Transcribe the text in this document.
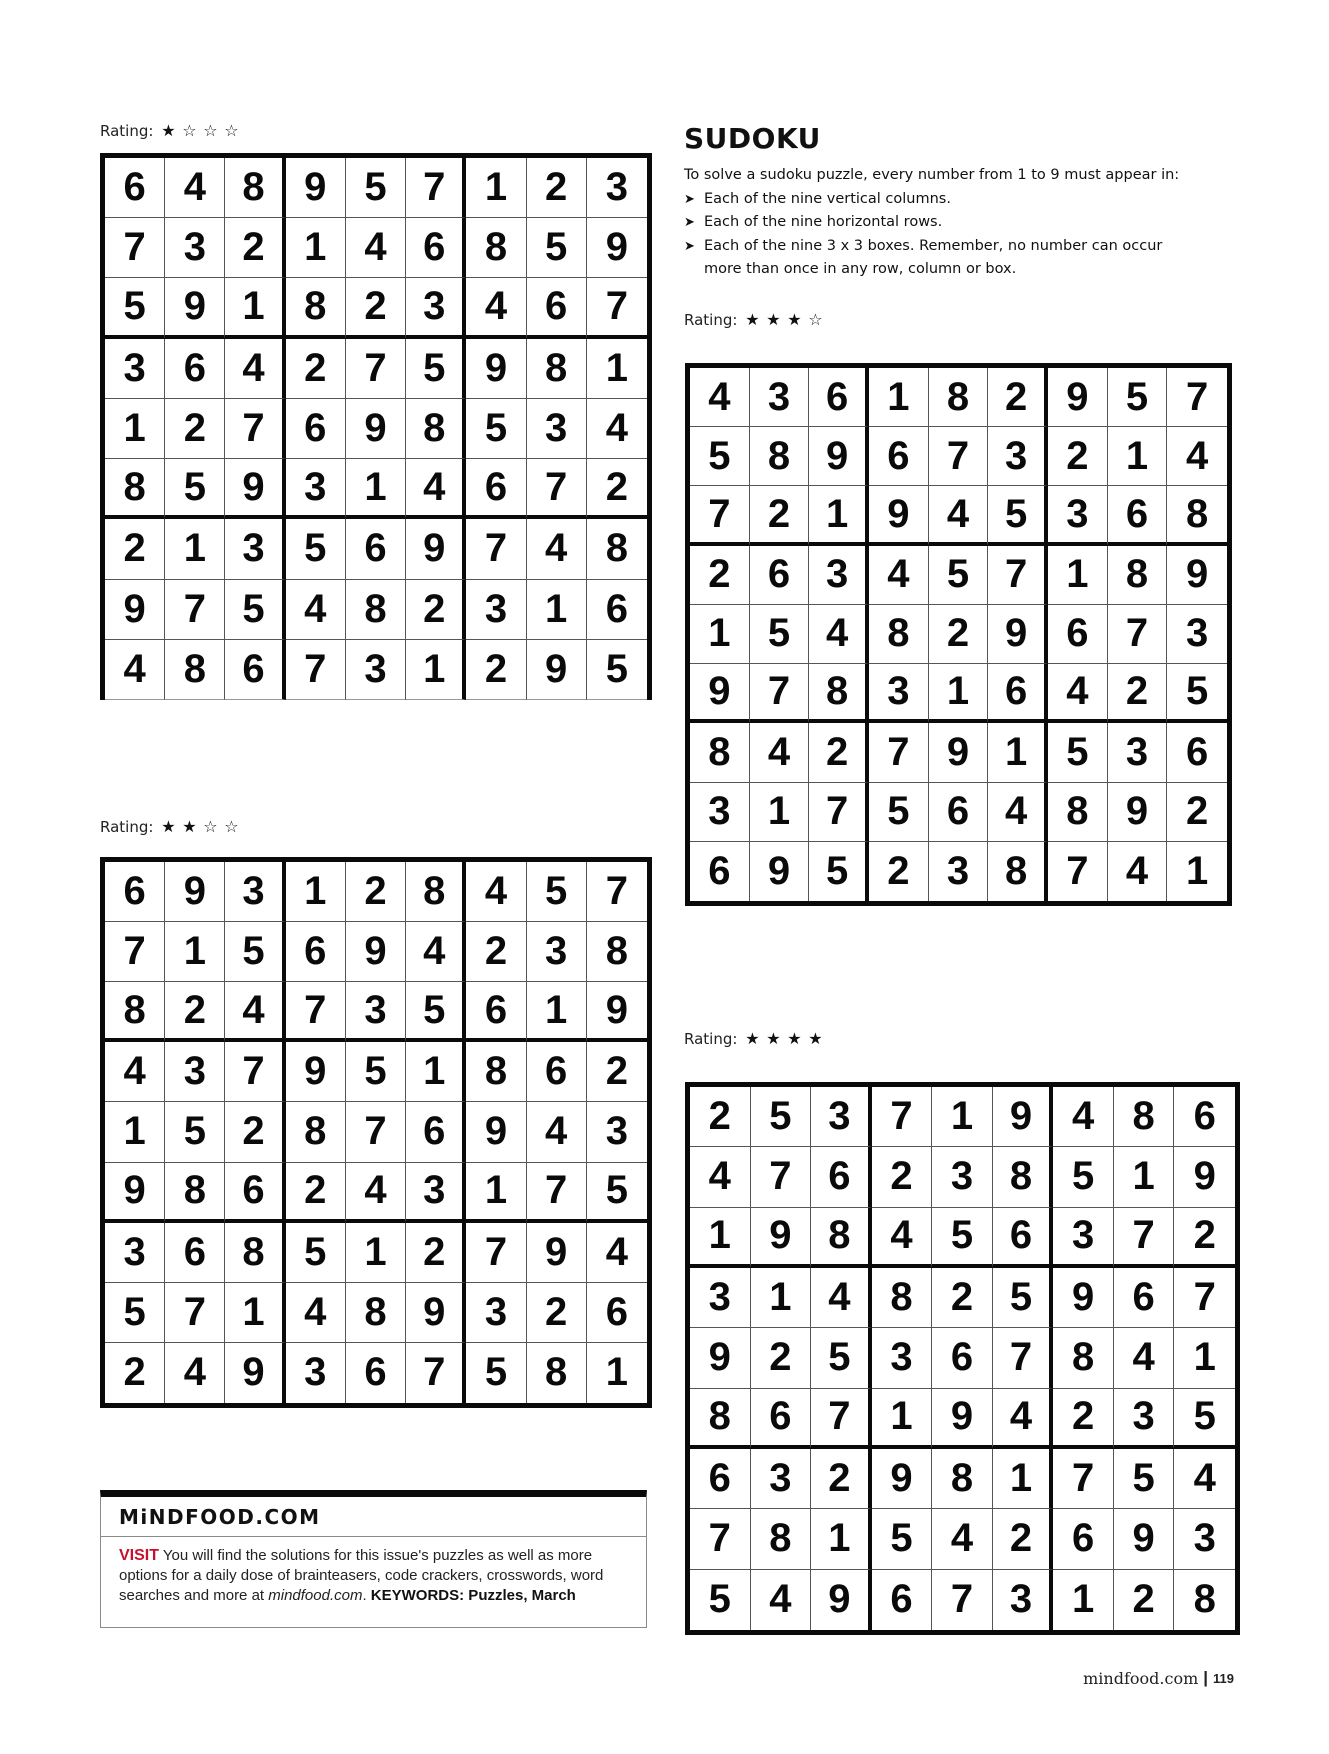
Rating: ★ ☆ ☆ ☆
Rating: ★ ★ ★ ☆
Rating: ★ ★ ☆ ☆
Rating: ★ ★ ★ ★
6 4 8 9 5 7 1 2 3
7 3 2 1 4 6 8 5 9
5 9 1 8 2 3 4 6 7
3 6 4 2 7 5 9 8 1
1 2 7 6 9 8 5 3 4
8 5 9 3 1 4 6 7 2
2 1 3 5 6 9 7 4 8
9 7 5 4 8 2 3 1 6
4 8 6 7 3 1 2 9 5
4 3 6 1 8 2 9 5 7
5 8 9 6 7 3 2 1 4
7 2 1 9 4 5 3 6 8
2 6 3 4 5 7 1 8 9
1 5 4 8 2 9 6 7 3
9 7 8 3 1 6 4 2 5
8 4 2 7 9 1 5 3 6
3 1 7 5 6 4 8 9 2
6 9 5 2 3 8 7 4 1
6 9 3 1 2 8 4 5 7
7 1 5 6 9 4 2 3 8
8 2 4 7 3 5 6 1 9
4 3 7 9 5 1 8 6 2
1 5 2 8 7 6 9 4 3
9 8 6 2 4 3 1 7 5
3 6 8 5 1 2 7 9 4
5 7 1 4 8 9 3 2 6
2 4 9 3 6 7 5 8 1
2 5 3 7 1 9 4 8 6
4 7 6 2 3 8 5 1 9
1 9 8 4 5 6 3 7 2
3 1 4 8 2 5 9 6 7
9 2 5 3 6 7 8 4 1
8 6 7 1 9 4 2 3 5
6 3 2 9 8 1 7 5 4
7 8 1 5 4 2 6 9 3
5 4 9 6 7 3 1 2 8
SUDOKU
To solve a sudoku puzzle, every number from 1 to 9 must appear in:
➤ Each of the nine vertical columns.
➤ Each of the nine horizontal rows.
➤ Each of the nine 3 x 3 boxes. Remember, no number can occur more than once in any row, column or box.
MiNDFOOD.COM
VISIT You will find the solutions for this issue's puzzles as well as more options for a daily dose of brainteasers, code crackers, crosswords, word searches and more at mindfood.com. KEYWORDS: Puzzles, March
mindfood.com | 119
